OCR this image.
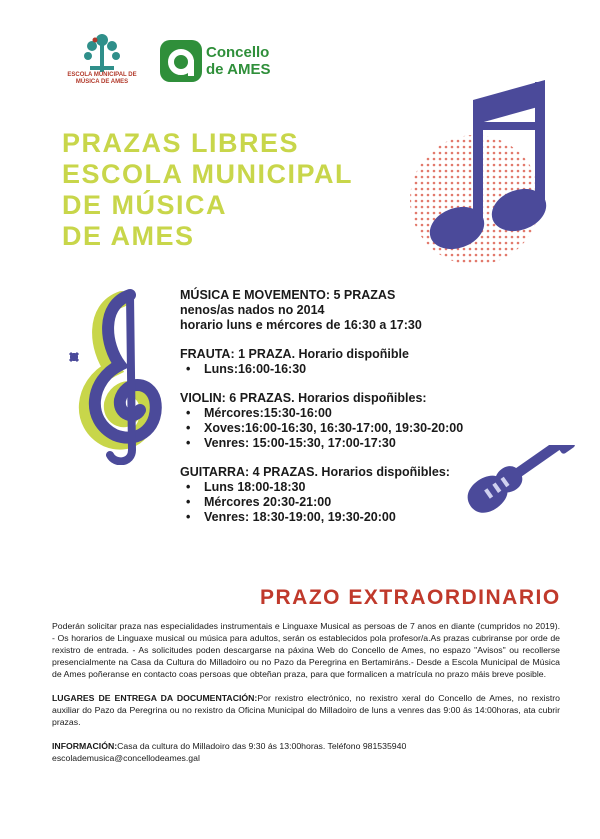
ESCOLA MUNICIPAL DE MÚSICA DE AMES
Concello
de AMES
PRAZAS LIBRES
ESCOLA MUNICIPAL
DE MÚSICA
DE AMES
MÚSICA E MOVEMENTO: 5 PRAZAS
nenos/as nados no 2014
horario luns e mércores de 16:30 a 17:30
FRAUTA: 1 PRAZA. Horario dispoñible
• Luns:16:00-16:30
VIOLIN: 6 PRAZAS. Horarios dispoñibles:
• Mércores:15:30-16:00
• Xoves:16:00-16:30, 16:30-17:00, 19:30-20:00
• Venres: 15:00-15:30, 17:00-17:30
GUITARRA: 4 PRAZAS. Horarios dispoñibles:
• Luns 18:00-18:30
• Mércores 20:30-21:00
• Venres: 18:30-19:00, 19:30-20:00
PRAZO EXTRAORDINARIO

Poderán solicitar praza nas especialidades instrumentais e Linguaxe Musical as persoas de 7 anos en diante (cumpridos no 2019). - Os horarios de Linguaxe musical ou música para adultos, serán os establecidos pola profesor/a.As prazas cubriranse por orde de rexistro de entrada. - As solicitudes poden descargarse na páxina Web do Concello de Ames, no espazo "Avisos" ou recollerse presencialmente na Casa da Cultura do Milladoiro ou no Pazo da Peregrina en Bertamiráns.- Desde a Escola Municipal de Música de Ames poñeranse en contacto coas persoas que obteñan praza, para que formalicen a matrícula no prazo máis breve posible.

LUGARES DE ENTREGA DA DOCUMENTACIÓN:Por rexistro electrónico, no rexistro xeral do Concello de Ames, no rexistro auxiliar do Pazo da Peregrina ou no rexistro da Oficina Municipal do Milladoiro de luns a venres das 9:00 ás 14:00horas, ata cubrir prazas.

INFORMACIÓN:Casa da cultura do Milladoiro das 9:30 ás 13:00horas. Teléfono 981535940
escolademusica@concellodeames.gal
